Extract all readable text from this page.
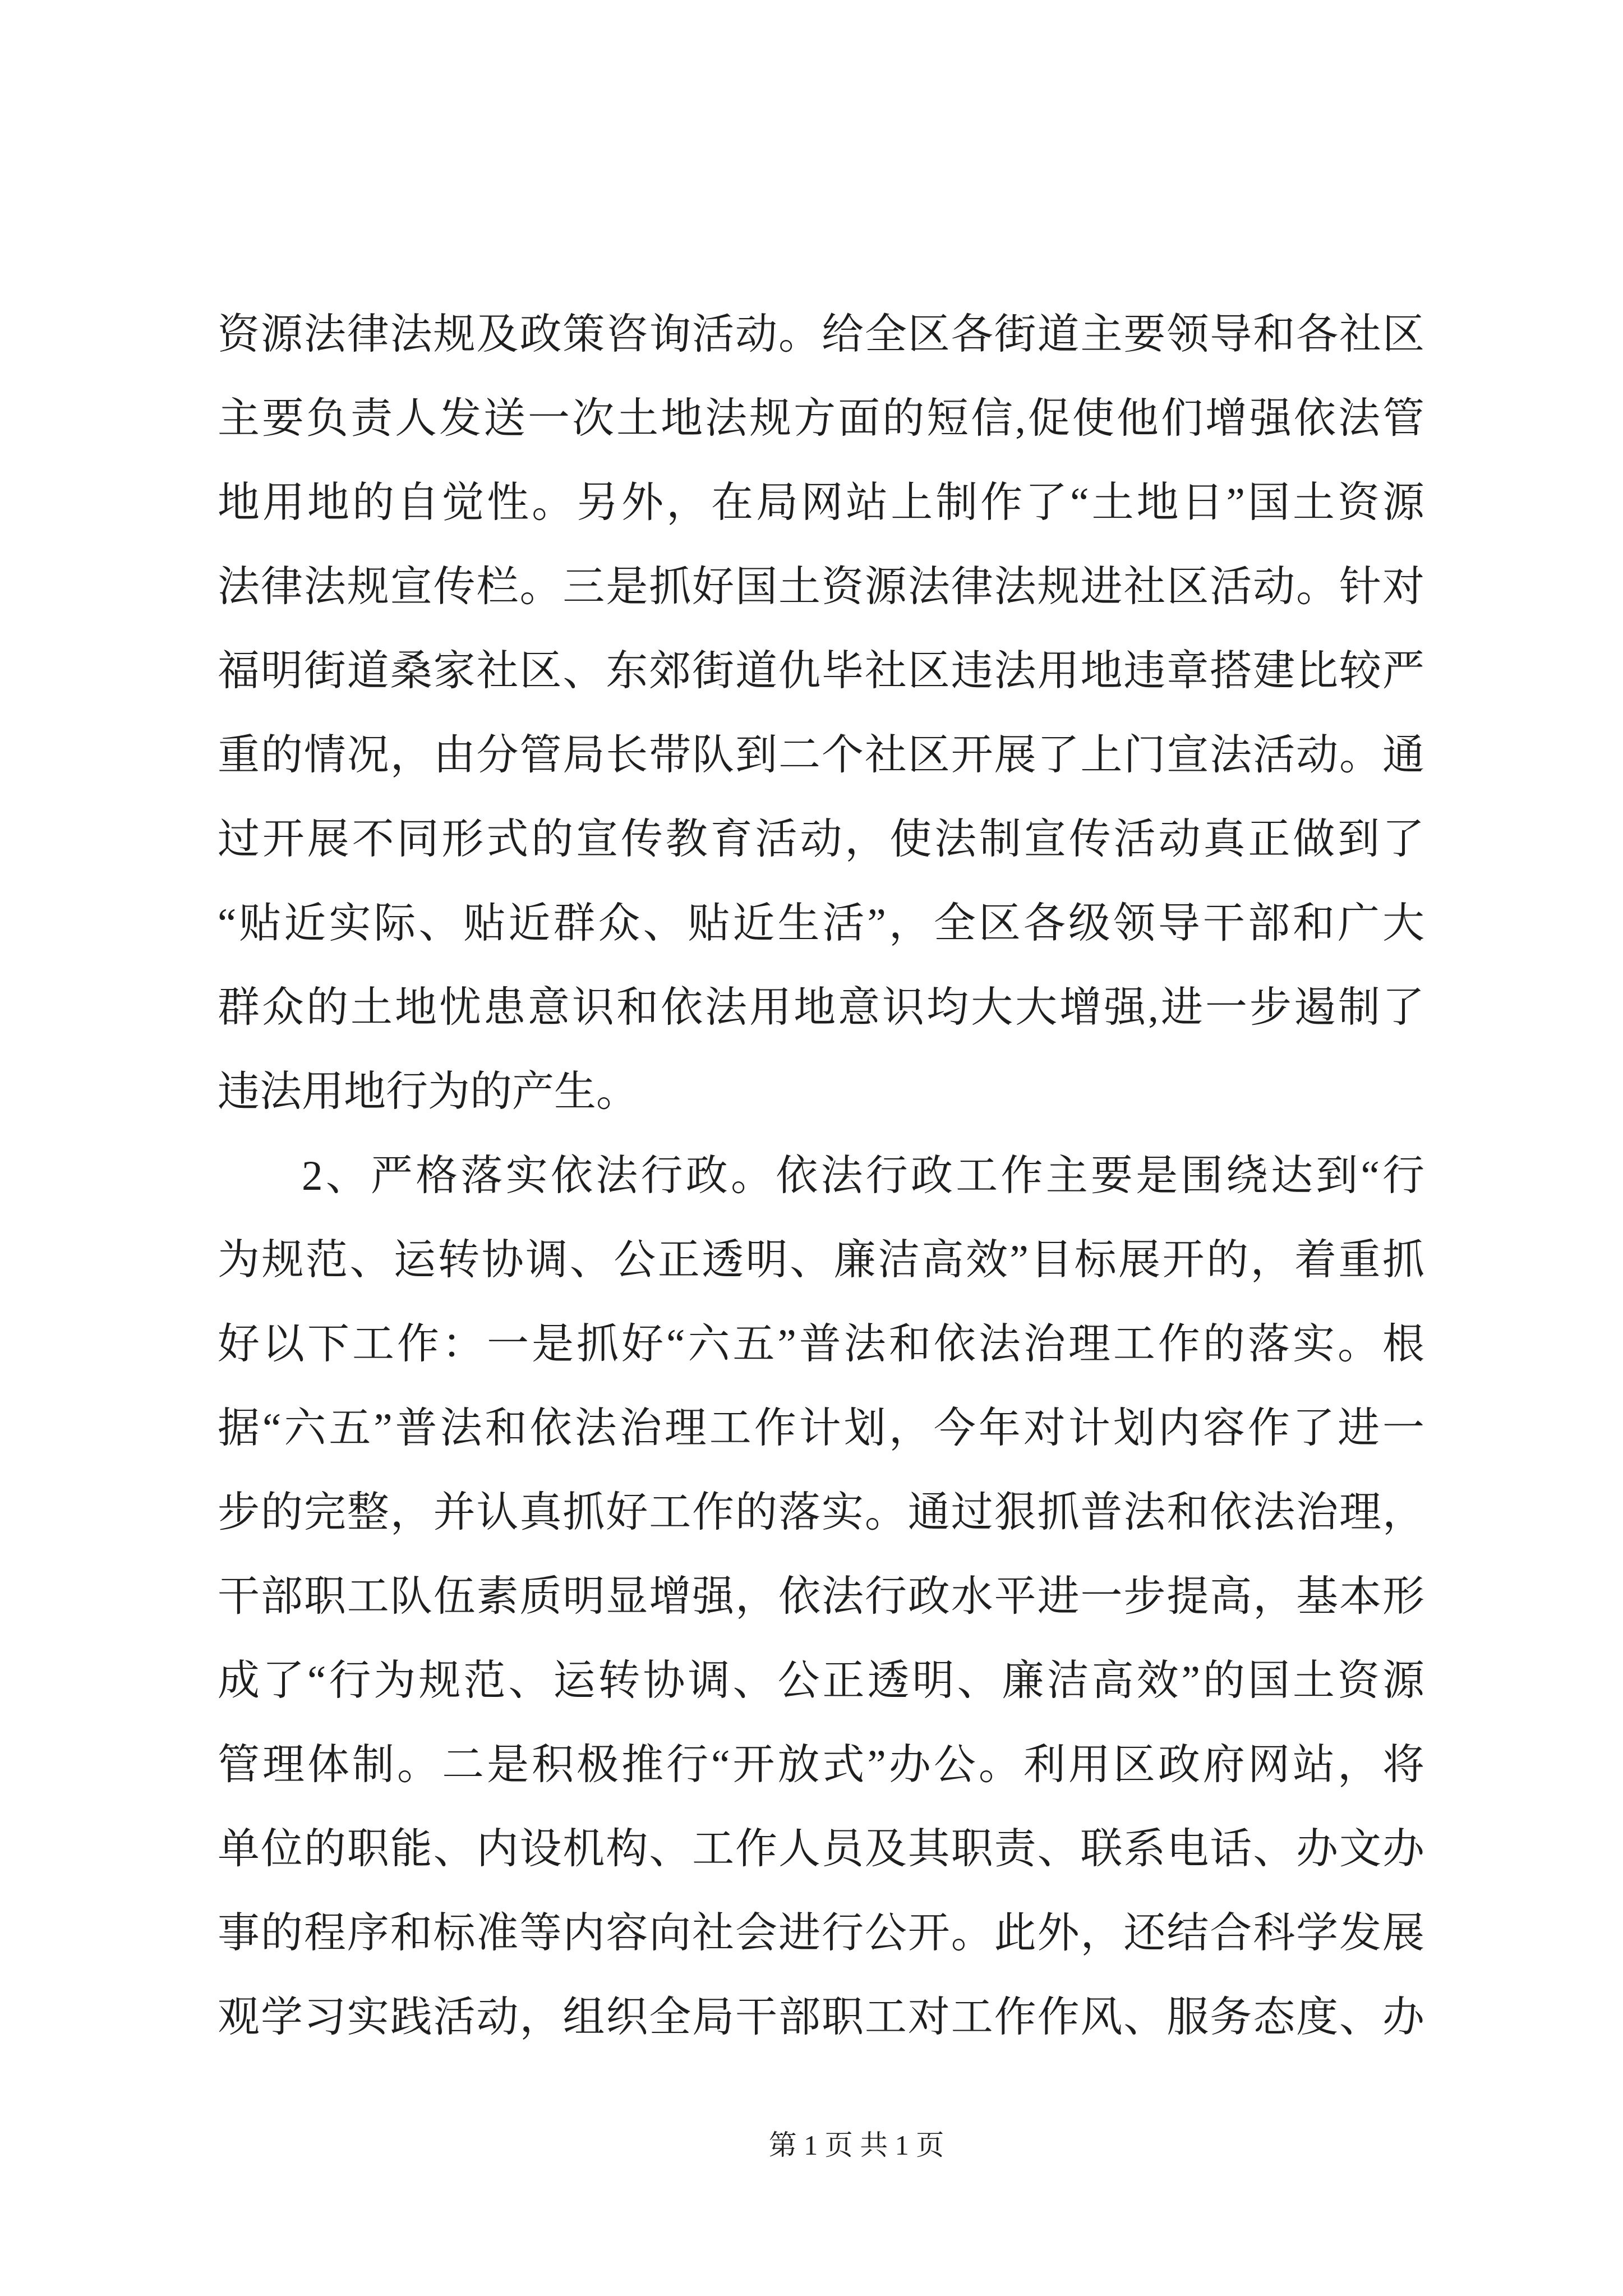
资源法律法规及政策咨询活动。给全区各街道主要领导和各社区
主要负责人发送一次土地法规方面的短信,促使他们增强依法管
地用地的自觉性。另外，在局网站上制作了“土地日”国土资源
法律法规宣传栏。三是抓好国土资源法律法规进社区活动。针对
福明街道桑家社区、东郊街道仇毕社区违法用地违章搭建比较严
重的情况，由分管局长带队到二个社区开展了上门宣法活动。通
过开展不同形式的宣传教育活动，使法制宣传活动真正做到了
“贴近实际、贴近群众、贴近生活”，全区各级领导干部和广大
群众的土地忧患意识和依法用地意识均大大增强,进一步遏制了
违法用地行为的产生。
2、严格落实依法行政。依法行政工作主要是围绕达到“行
为规范、运转协调、公正透明、廉洁高效”目标展开的，着重抓
好以下工作：一是抓好“六五”普法和依法治理工作的落实。根
据“六五”普法和依法治理工作计划，今年对计划内容作了进一
步的完整，并认真抓好工作的落实。通过狠抓普法和依法治理，
干部职工队伍素质明显增强，依法行政水平进一步提高，基本形
成了“行为规范、运转协调、公正透明、廉洁高效”的国土资源
管理体制。二是积极推行“开放式”办公。利用区政府网站，将
单位的职能、内设机构、工作人员及其职责、联系电话、办文办
事的程序和标准等内容向社会进行公开。此外，还结合科学发展
观学习实践活动，组织全局干部职工对工作作风、服务态度、办
第 1 页 共 1 页
